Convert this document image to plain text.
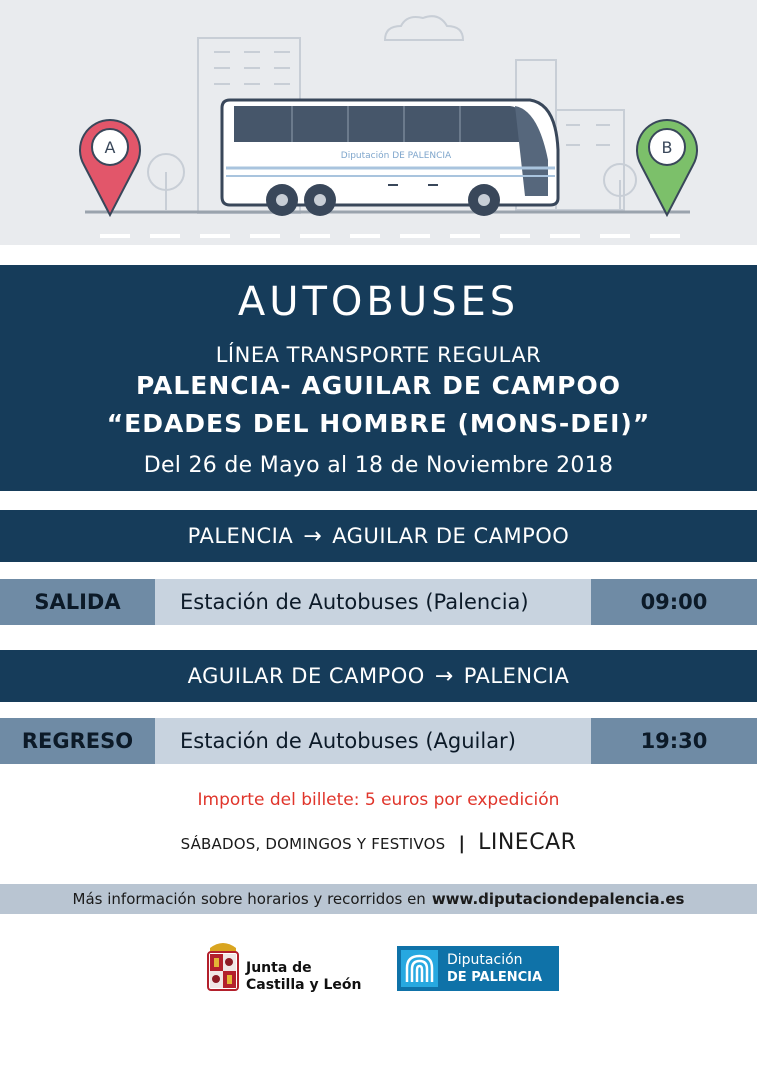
Diputación DE PALENCIA
A	B
AUTOBUSES
LÍNEA TRANSPORTE REGULAR
PALENCIA- AGUILAR DE CAMPOO
“EDADES DEL HOMBRE (MONS-DEI)”
Del 26 de Mayo al 18 de Noviembre 2018
PALENCIA → AGUILAR DE CAMPOO
SALIDA	Estación de Autobuses (Palencia)	09:00
AGUILAR DE CAMPOO → PALENCIA
REGRESO	Estación de Autobuses (Aguilar)	19:30
Importe del billete: 5 euros por expedición
SÁBADOS, DOMINGOS Y FESTIVOS | LINECAR
Más información sobre horarios y recorridos en www.diputaciondepalencia.es
Junta de
Castilla y León
Diputación
DE PALENCIA
